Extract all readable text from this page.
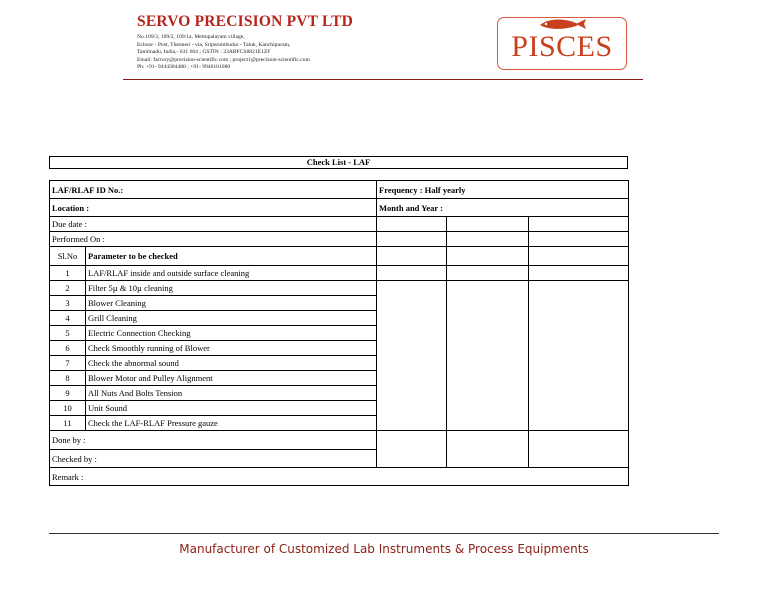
SERVO PRECISION PVT LTD
No.109/3, 109/2, 109/1a, Mettupalayam village,
Echoor - Post, Thenneri - via, Sriperumbudur - Taluk, Kanchipuram,
Tamilnadu, India,- 631 604 ; GSTIN : 33ABFCS8821E1ZF
Email: factory@precision-scientific.com ; project1@precision-scientific.com
Ph: +91- 9444384480 ; +91- 9940101080
PISCES
Check List - LAF
LAF/RLAF ID No.:		Frequency : Half yearly		
Location :		Month and Year :		
Due date :				
Performed On :				
Sl.No	Parameter to be checked			
1	LAF/RLAF inside and outside surface cleaning			
2	Filter 5µ & 10µ cleaning			
3	Blower Cleaning			
4	Grill Cleaning			
5	Electric Connection Checking			
6	Check Smoothly running of Blower			
7	Check the abnormal sound			
8	Blower Motor and Pulley Alignment			
9	All Nuts And Bolts Tension			
10	Unit Sound			
11	Check the LAF-RLAF Pressure gauze			
Done by :				
Checked by :				
Remark :				
Manufacturer of Customized Lab Instruments & Process Equipments
